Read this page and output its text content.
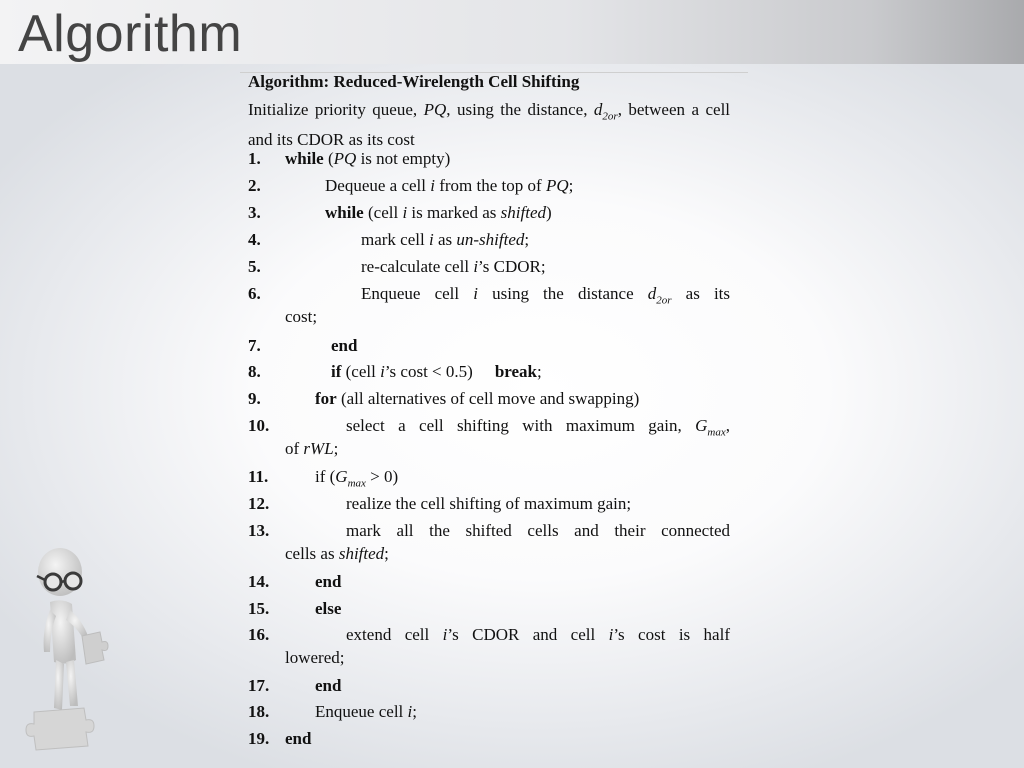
Algorithm
Algorithm: Reduced-Wirelength Cell Shifting
Initialize priority queue, PQ, using the distance, $d_{2or}$, between a cell and its CDOR as its cost
1. while (PQ is not empty)
2.	Dequeue a cell i from the top of PQ;
3.	while (cell i is marked as shifted)
4.	mark cell i as un-shifted;
5.	re-calculate cell i’s CDOR;
6.	Enqueue cell i using the distance $d_{2or}$ as its
cost;
7.	end
8.	if (cell i’s cost < 0.5) break;
9.	for (all alternatives of cell move and swapping)
10.	select a cell shifting with maximum gain, $G_{max}$,
of rWL;
11.	if $(G_{max} > 0)$
12.	realize the cell shifting of maximum gain;
13.	mark all the shifted cells and their connected
cells as shifted;
14.	end
15.	else
16.	extend cell i’s CDOR and cell i’s cost is half
lowered;
17.	end
18.	Enqueue cell i;
19. end
